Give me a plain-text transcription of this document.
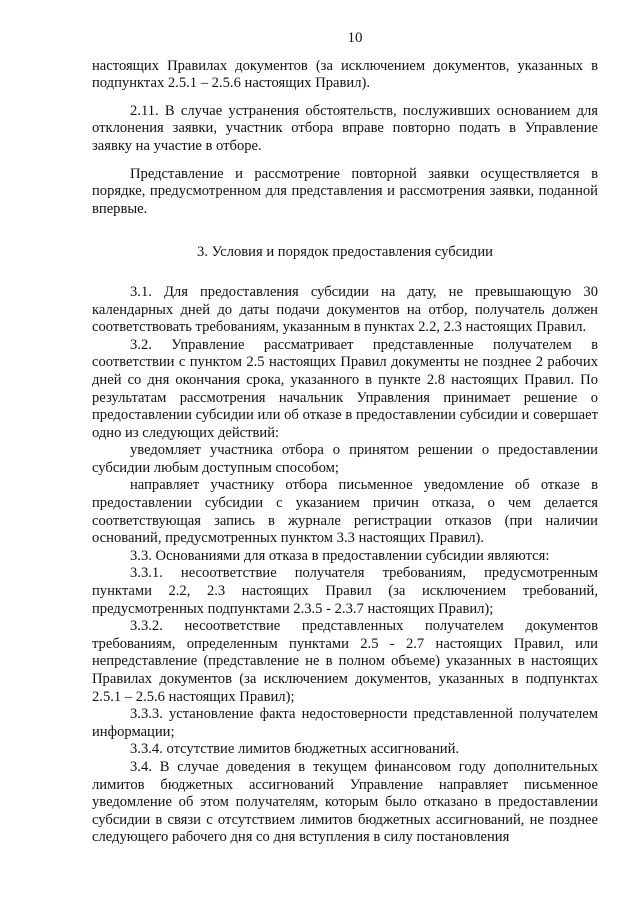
10

настоящих Правилах документов (за исключением документов, указанных в подпунктах 2.5.1 – 2.5.6 настоящих Правил).

2.11. В случае устранения обстоятельств, послуживших основанием для отклонения заявки, участник отбора вправе повторно подать в Управление заявку на участие в отборе.

Представление и рассмотрение повторной заявки осуществляется в порядке, предусмотренном для представления и рассмотрения заявки, поданной впервые.

3. Условия и порядок предоставления субсидии

3.1. Для предоставления субсидии на дату, не превышающую 30 календарных дней до даты подачи документов на отбор, получатель должен соответствовать требованиям, указанным в пунктах 2.2, 2.3 настоящих Правил.

3.2. Управление рассматривает представленные получателем в соответствии с пунктом 2.5 настоящих Правил документы не позднее 2 рабочих дней со дня окончания срока, указанного в пункте 2.8 настоящих Правил. По результатам рассмотрения начальник Управления принимает решение о предоставлении субсидии или об отказе в предоставлении субсидии и совершает одно из следующих действий:

уведомляет участника отбора о принятом решении о предоставлении субсидии любым доступным способом;

направляет участнику отбора письменное уведомление об отказе в предоставлении субсидии с указанием причин отказа, о чем делается соответствующая запись в журнале регистрации отказов (при наличии оснований, предусмотренных пунктом 3.3 настоящих Правил).

3.3. Основаниями для отказа в предоставлении субсидии являются:

3.3.1. несоответствие получателя требованиям, предусмотренным пунктами 2.2, 2.3 настоящих Правил (за исключением требований, предусмотренных подпунктами 2.3.5 - 2.3.7 настоящих Правил);

3.3.2. несоответствие представленных получателем документов требованиям, определенным пунктами 2.5 - 2.7 настоящих Правил, или непредставление (представление не в полном объеме) указанных в настоящих Правилах документов (за исключением документов, указанных в подпунктах 2.5.1 – 2.5.6 настоящих Правил);

3.3.3. установление факта недостоверности представленной получателем информации;

3.3.4. отсутствие лимитов бюджетных ассигнований.

3.4. В случае доведения в текущем финансовом году дополнительных лимитов бюджетных ассигнований Управление направляет письменное уведомление об этом получателям, которым было отказано в предоставлении субсидии в связи с отсутствием лимитов бюджетных ассигнований, не позднее следующего рабочего дня со дня вступления в силу постановления
